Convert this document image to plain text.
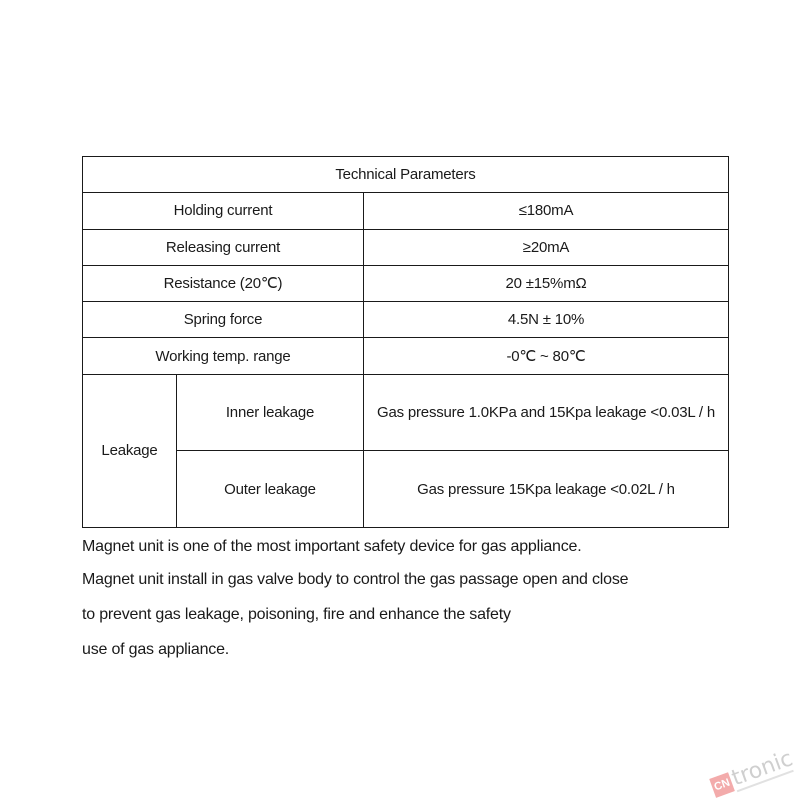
Technical Parameters		
Holding current		≤180mA
Releasing current		≥20mA
Resistance (20℃)		20 ±15%mΩ
Spring force		4.5N ± 10%
Working temp. range		-0℃ ~ 80℃
Leakage	Inner leakage	Gas pressure 1.0KPa and 15Kpa leakage <0.03L / h
	Outer leakage	Gas pressure 15Kpa leakage <0.02L / h
Magnet unit is one of the most important safety device for gas appliance.
Magnet unit install in gas valve body to control the gas passage open and close
to prevent gas leakage, poisoning, fire and enhance the safety
use of gas appliance.
CN
tronic
